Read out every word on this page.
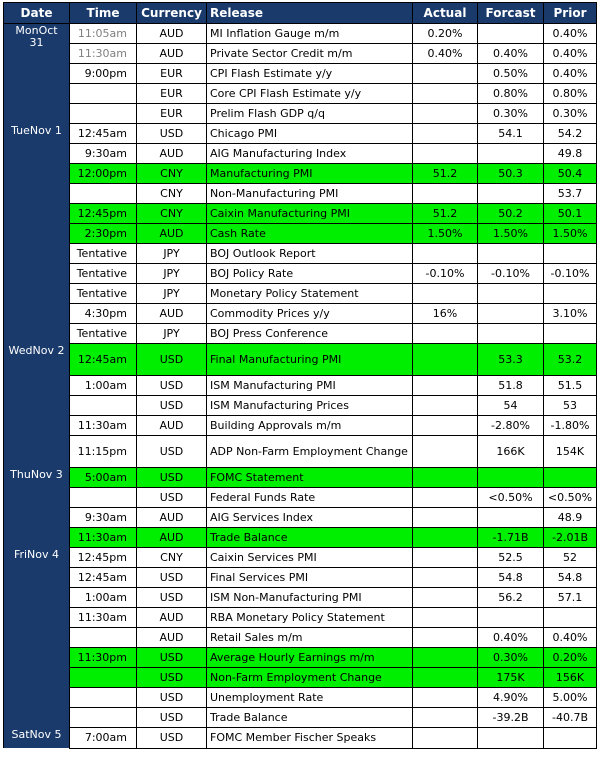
Date	Time	Currency	Release	Actual	Forcast	Prior
MonOct
31	11:05am	AUD	MI Inflation Gauge m/m	0.20%		0.40%
	11:30am	AUD	Private Sector Credit m/m	0.40%	0.40%	0.40%
	9:00pm	EUR	CPI Flash Estimate y/y		0.50%	0.40%
		EUR	Core CPI Flash Estimate y/y		0.80%	0.80%
		EUR	Prelim Flash GDP q/q		0.30%	0.30%
TueNov 1	12:45am	USD	Chicago PMI		54.1	54.2
	9:30am	AUD	AIG Manufacturing Index			49.8
	12:00pm	CNY	Manufacturing PMI	51.2	50.3	50.4
		CNY	Non-Manufacturing PMI			53.7
	12:45pm	CNY	Caixin Manufacturing PMI	51.2	50.2	50.1
	2:30pm	AUD	Cash Rate	1.50%	1.50%	1.50%
	Tentative	JPY	BOJ Outlook Report			
	Tentative	JPY	BOJ Policy Rate	-0.10%	-0.10%	-0.10%
	Tentative	JPY	Monetary Policy Statement			
	4:30pm	AUD	Commodity Prices y/y	16%		3.10%
	Tentative	JPY	BOJ Press Conference			
WedNov 2	12:45am	USD	Final Manufacturing PMI		53.3	53.2
	1:00am	USD	ISM Manufacturing PMI		51.8	51.5
		USD	ISM Manufacturing Prices		54	53
	11:30am	AUD	Building Approvals m/m		-2.80%	-1.80%
	11:15pm	USD	ADP Non-Farm Employment Change		166K	154K
ThuNov 3	5:00am	USD	FOMC Statement			
		USD	Federal Funds Rate		<0.50%	<0.50%
	9:30am	AUD	AIG Services Index			48.9
	11:30am	AUD	Trade Balance		-1.71B	-2.01B
FriNov 4	12:45pm	CNY	Caixin Services PMI		52.5	52
	12:45am	USD	Final Services PMI		54.8	54.8
	1:00am	USD	ISM Non-Manufacturing PMI		56.2	57.1
	11:30am	AUD	RBA Monetary Policy Statement			
		AUD	Retail Sales m/m		0.40%	0.40%
	11:30pm	USD	Average Hourly Earnings m/m		0.30%	0.20%
		USD	Non-Farm Employment Change		175K	156K
		USD	Unemployment Rate		4.90%	5.00%
		USD	Trade Balance		-39.2B	-40.7B
SatNov 5	7:00am	USD	FOMC Member Fischer Speaks			
